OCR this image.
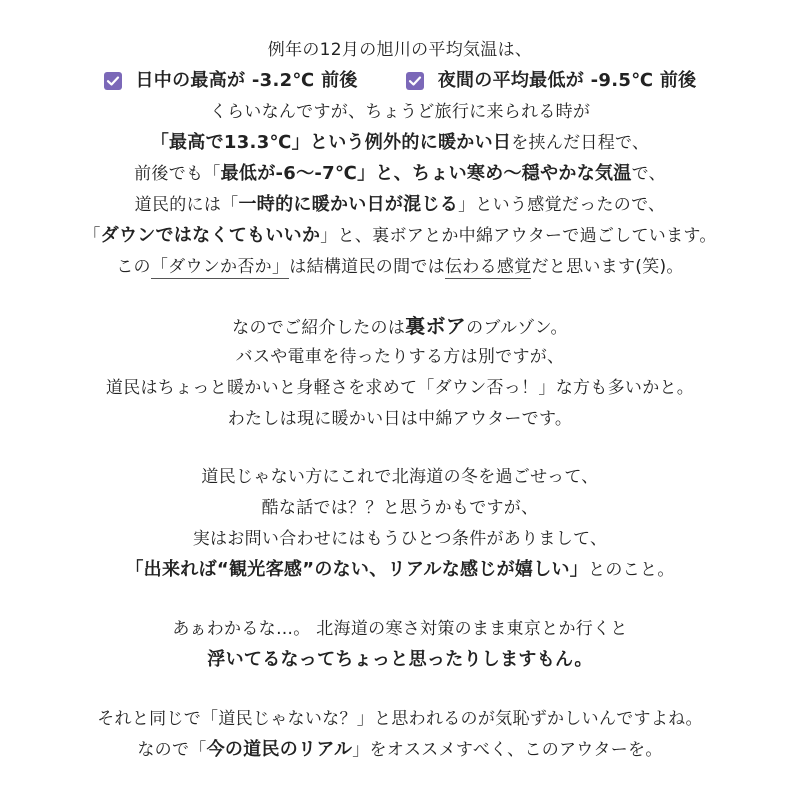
例年の12月の旭川の平均気温は、
日中の最高が -3.2℃ 前後	夜間の平均最低が -9.5℃ 前後
くらいなんですが、ちょうど旅行に来られる時が
「最高で13.3℃」という例外的に暖かい日を挟んだ日程で、
前後でも「最低が-6～-7℃」と、ちょい寒め～穏やかな気温で、
道民的には「一時的に暖かい日が混じる」という感覚だったので、
「ダウンではなくてもいいか」と、裏ボアとか中綿アウターで過ごしています。
この「ダウンか否か」は結構道民の間では伝わる感覚だと思います(笑)。
なのでご紹介したのは裏ボアのブルゾン。
バスや電車を待ったりする方は別ですが、
道民はちょっと暖かいと身軽さを求めて「ダウン否っ！」な方も多いかと。
わたしは現に暖かい日は中綿アウターです。
道民じゃない方にこれで北海道の冬を過ごせって、
酷な話では？？と思うかもですが、
実はお問い合わせにはもうひとつ条件がありまして、
「出来れば“観光客感”のない、リアルな感じが嬉しい」とのこと。
あぁわかるな…。 北海道の寒さ対策のまま東京とか行くと
浮いてるなってちょっと思ったりしますもん。
それと同じで「道民じゃないな？」と思われるのが気恥ずかしいんですよね。
なので「今の道民のリアル」をオススメすべく、このアウターを。
